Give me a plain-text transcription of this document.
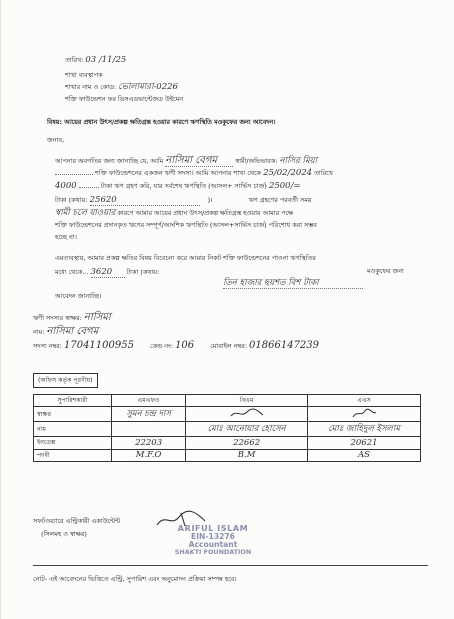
তারিখ: 03 /11/25
শাখা ব্যবস্থাপক
শাখার নাম ও কোড: ভোলামারা-0226
শক্তি ফাউন্ডেশন ফর ডিসএডভান্টেজড উইমেন
বিষয়: আয়ের প্রধান উৎস/প্রকল্প ক্ষতিগ্রস্ত হওয়ার কারণে ঋণস্থিতি মওকুফের জন্য আবেদন।
জনাব,
আপনার অবগতির জন্য জানাচ্ছি যে, আমি নাসিমা বেগম	স্বামী/অভিভাবক: নাসির মিয়া
শক্তি ফাউন্ডেশনের একজন ঋণী সদস্য। আমি আপনার শাখা থেকে 25/02/2024 তারিখে
4000	টাকা ঋণ গ্রহণ করি, যার সর্বশেষ ঋণস্থিতি (আসল+ সার্ভিস চার্জ) 2500/=
টাকা (কথায়: 25620	)।	ঋণ গ্রহণের পরবর্তী সময়
স্বামী চলে যাওয়ার কারণে আমার আয়ের প্রধান উৎস/প্রকল্প ক্ষতিগ্রস্ত হওয়ায় আমার পক্ষে
শক্তি ফাউন্ডেশনের প্রদানকৃত ঋণের সম্পূর্ণ/আংশিক ঋণস্থিতি (আসল+সার্ভিস চার্জ) পরিশোধ করা সম্ভব
হচ্ছে না।
এমতাবস্থায়, আমার প্রকল্প ক্ষতির বিষয় বিবেচনা করে আমার নিকট শক্তি ফাউন্ডেশনের পাওনা ঋণস্থিতির
মধ্যে থেকে... 3620 টাকা (কথায়:
তিন হাজার ছয়শত বিশ টাকা
মওকুফের জন্য
আবেদন জানাচ্ছি।
ঋণী সদস্যর স্বাক্ষর: নাসিমা
নাম: নাসিমা বেগম
সদস্য নম্বর: 17041100955	কেন্দ্র নং: 106	মোবাইল নম্বর: 01866147239
(অফিস কর্তৃক পূরণীয়)
সুপারিশকারী	এমএফও	বিএম	এএস
স্বাক্ষর	সুমন চন্দ্র দাস		
নাম		মোঃ আনোয়ার হোসেন	মোঃ জাহিদুল ইসলাম
ইনডেক্স	22203	22662	20621
পদবী	M.F.O	B.M	AS
সফটওয়্যারে এন্ট্রিকারী একাউন্টেন্ট
(সিলমহ ও স্বাক্ষর)
ARIFUL ISLAM
EIN-13276
Accountant
SHAKTI FOUNDATION
নোট- এই আবেদনের ভিত্তিতে এন্ট্রি, সুপারিশ এবং অনুমোদন প্রক্রিয়া সম্পন্ন হবে।
